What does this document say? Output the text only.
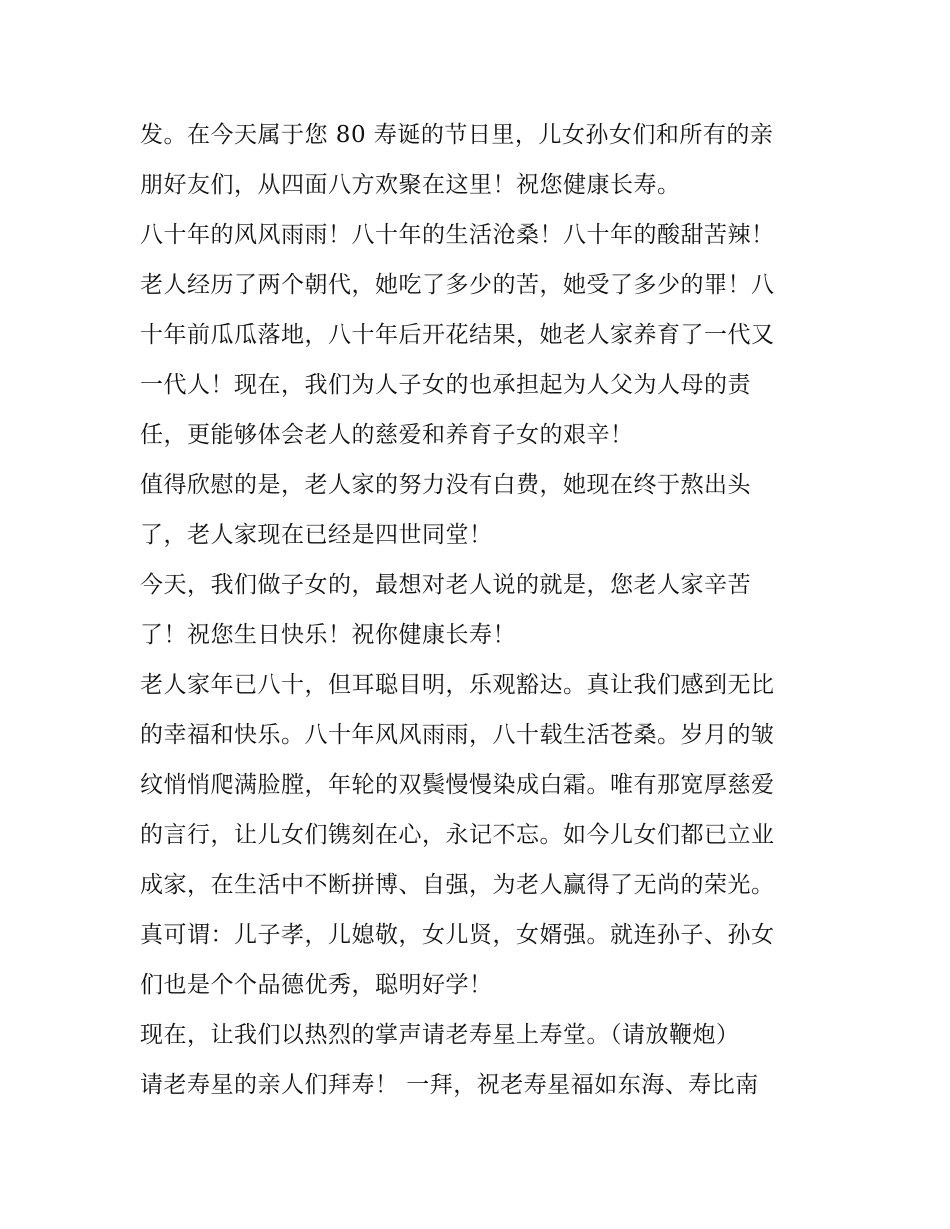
发。在今天属于您 80 寿诞的节日里，儿女孙女们和所有的亲
朋好友们，从四面八方欢聚在这里！祝您健康长寿。
八十年的风风雨雨！八十年的生活沧桑！八十年的酸甜苦辣！
老人经历了两个朝代，她吃了多少的苦，她受了多少的罪！八
十年前瓜瓜落地，八十年后开花结果，她老人家养育了一代又
一代人！现在，我们为人子女的也承担起为人父为人母的责
任，更能够体会老人的慈爱和养育子女的艰辛！
值得欣慰的是，老人家的努力没有白费，她现在终于熬出头
了，老人家现在已经是四世同堂！
今天，我们做子女的，最想对老人说的就是，您老人家辛苦
了！祝您生日快乐！祝你健康长寿！
老人家年已八十，但耳聪目明，乐观豁达。真让我们感到无比
的幸福和快乐。八十年风风雨雨，八十载生活苍桑。岁月的皱
纹悄悄爬满脸膛，年轮的双鬓慢慢染成白霜。唯有那宽厚慈爱
的言行，让儿女们镌刻在心，永记不忘。如今儿女们都已立业
成家，在生活中不断拼博、自强，为老人赢得了无尚的荣光。
真可谓：儿子孝，儿媳敬，女儿贤，女婿强。就连孙子、孙女
们也是个个品德优秀，聪明好学！
现在，让我们以热烈的掌声请老寿星上寿堂。（请放鞭炮）
请老寿星的亲人们拜寿！ 一拜，祝老寿星福如东海、寿比南
